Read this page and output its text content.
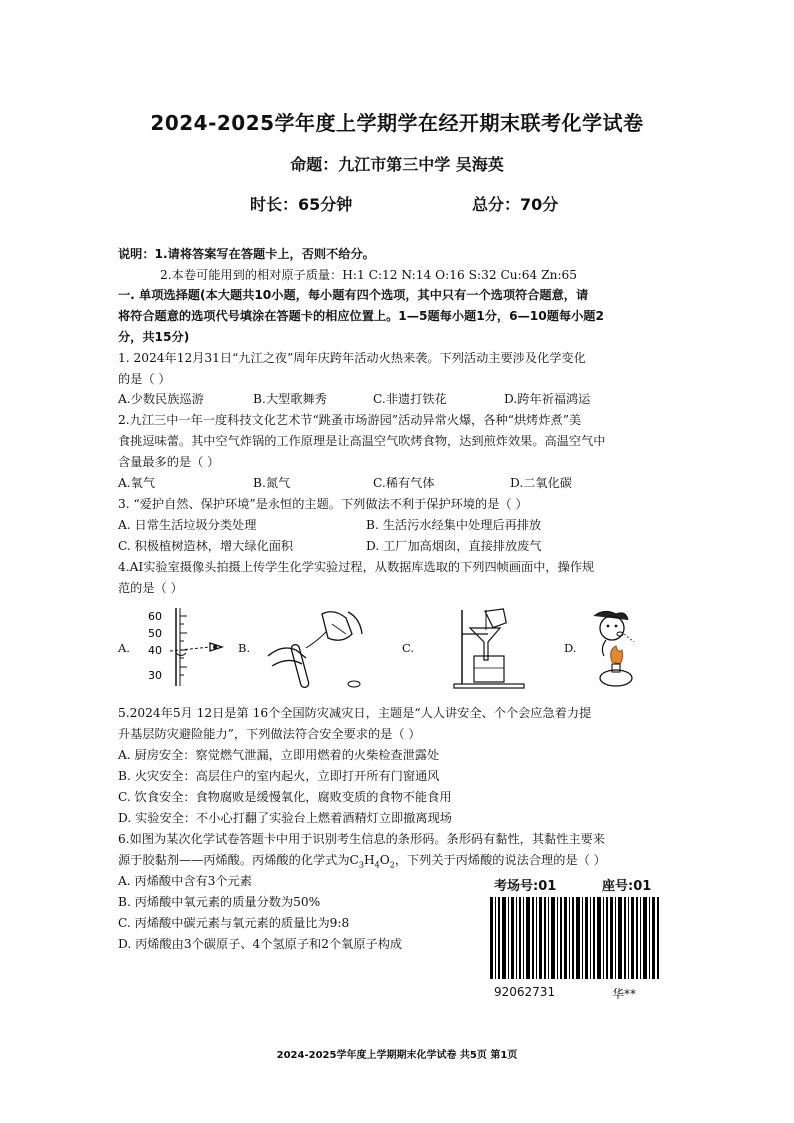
2024-2025学年度上学期学在经开期末联考化学试卷
命题：九江市第三中学 吴海英
时长：65分钟	总分：70分
说明：1.请将答案写在答题卡上，否则不给分。
2.本卷可能用到的相对原子质量：H:1 C:12 N:14 O:16 S:32 Cu:64 Zn:65
一. 单项选择题(本大题共10小题，每小题有四个选项，其中只有一个选项符合题意，请
将符合题意的选项代号填涂在答题卡的相应位置上。1—5题每小题1分，6—10题每小题2
分，共15分)
1. 2024年12月31日“九江之夜”周年庆跨年活动火热来袭。下列活动主要涉及化学变化
的是（ ）
A.少数民族巡游	B.大型歌舞秀	C.非遗打铁花	D.跨年祈福鸿运
2.九江三中一年一度科技文化艺术节“跳蚤市场游园”活动异常火爆，各种“烘烤炸煮”美
食挑逗味蕾。其中空气炸锅的工作原理是让高温空气吹烤食物，达到煎炸效果。高温空气中
含量最多的是（ ）
A.氧气	B.氮气	C.稀有气体	D.二氧化碳
3. “爱护自然、保护环境”是永恒的主题。下列做法不利于保护环境的是（ ）
A. 日常生活垃圾分类处理	B. 生活污水经集中处理后再排放
C. 积极植树造林，增大绿化面积	D. 工厂加高烟囱，直接排放废气
4.AI实验室摄像头拍摄上传学生化学实验过程，从数据库选取的下列四帧画面中，操作规
范的是（ ）
A.	B.	C.	D.
60
50
40
30
5.2024年5月 12日是第 16个全国防灾减灾日，主题是“人人讲安全、个个会应急着力提
升基层防灾避险能力”，下列做法符合安全要求的是（ ）
A. 厨房安全：察觉燃气泄漏，立即用燃着的火柴检查泄露处
B. 火灾安全：高层住户的室内起火，立即打开所有门窗通风
C. 饮食安全：食物腐败是缓慢氧化，腐败变质的食物不能食用
D. 实验安全：不小心打翻了实验台上燃着酒精灯立即撤离现场
6.如图为某次化学试卷答题卡中用于识别考生信息的条形码。条形码有黏性，其黏性主要来
源于胶黏剂——丙烯酸。丙烯酸的化学式为$C_3H_4O_2$，下列关于丙烯酸的说法合理的是（ ）
A. 丙烯酸中含有3个元素
B. 丙烯酸中氧元素的质量分数为50%
C. 丙烯酸中碳元素与氧元素的质量比为9:8
D. 丙烯酸由3个碳原子、4个氢原子和2个氧原子构成
考场号:01	座号:01
92062731	华**
2024-2025学年度上学期期末化学试卷 共5页 第1页
